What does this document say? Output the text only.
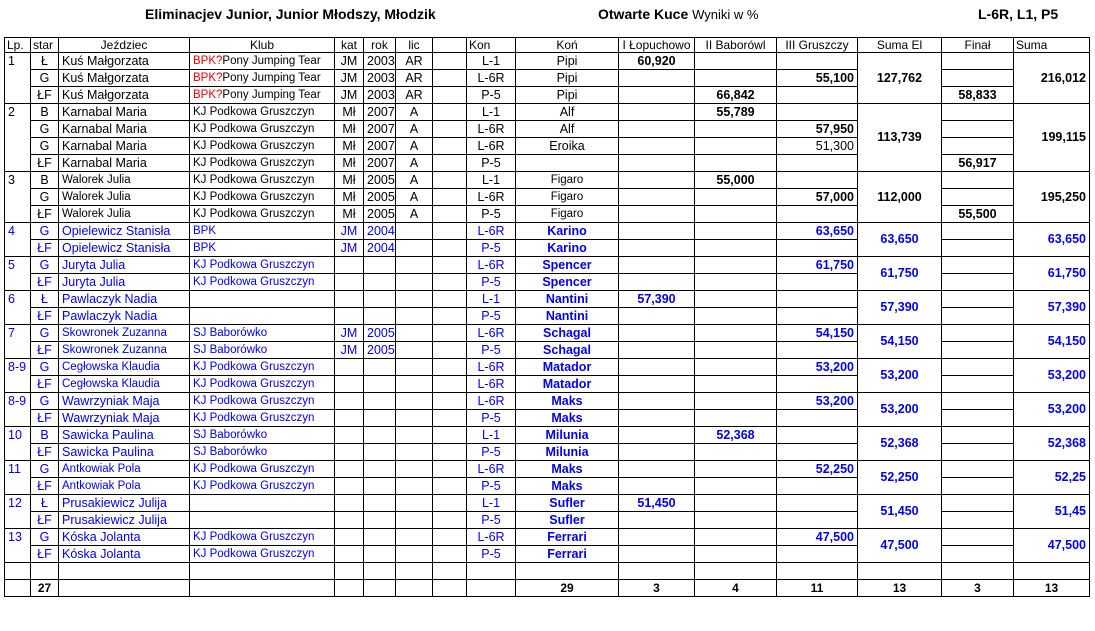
Eliminacjev Junior, Junior Młodszy, Młodzik	Otwarte Kuce Wyniki w %	L-6R, L1, P5
Lp.	star	Jeździec	Klub	kat	rok	lic		Kon	Koń	I Łopuchowo	II Baborówl	III Gruszczy	Suma El	Finał	Suma
1	Ł	Kuś Małgorzata	BPK?Pony Jumping Tear	JM	2003	AR		L-1	Pipi	60,920			127,762		216,012
	G	Kuś Małgorzata	BPK?Pony Jumping Tear	JM	2003	AR		L-6R	Pipi			55,100			
	ŁF	Kuś Małgorzata	BPK?Pony Jumping Tear	JM	2003	AR		P-5	Pipi		66,842			58,833	
2	B	Karnabal Maria	KJ Podkowa Gruszczyn	Mł	2007	A		L-1	Alf		55,789		113,739		199,115
	G	Karnabal Maria	KJ Podkowa Gruszczyn	Mł	2007	A		L-6R	Alf			57,950			
	G	Karnabal Maria	KJ Podkowa Gruszczyn	Mł	2007	A		L-6R	Eroika			51,300			
	ŁF	Karnabal Maria	KJ Podkowa Gruszczyn	Mł	2007	A		P-5						56,917	
3	B	Walorek Julia	KJ Podkowa Gruszczyn	Mł	2005	A		L-1	Figaro		55,000		112,000		195,250
	G	Walorek Julia	KJ Podkowa Gruszczyn	Mł	2005	A		L-6R	Figaro			57,000			
	ŁF	Walorek Julia	KJ Podkowa Gruszczyn	Mł	2005	A		P-5	Figaro					55,500	
4	G	Opielewicz Stanisła	BPK	JM	2004			L-6R	Karino			63,650	63,650		63,650
	ŁF	Opielewicz Stanisła	BPK	JM	2004			P-5	Karino						
5	G	Juryta Julia	KJ Podkowa Gruszczyn					L-6R	Spencer			61,750	61,750		61,750
	ŁF	Juryta Julia	KJ Podkowa Gruszczyn					P-5	Spencer						
6	Ł	Pawlaczyk Nadia						L-1	Nantini	57,390			57,390		57,390
	ŁF	Pawlaczyk Nadia						P-5	Nantini						
7	G	Skowronek Zuzanna	SJ Baborówko	JM	2005			L-6R	Schagal			54,150	54,150		54,150
	ŁF	Skowronek Zuzanna	SJ Baborówko	JM	2005			P-5	Schagal						
8-9	G	Cegłowska Klaudia	KJ Podkowa Gruszczyn					L-6R	Matador			53,200	53,200		53,200
	ŁF	Cegłowska Klaudia	KJ Podkowa Gruszczyn					L-6R	Matador						
8-9	G	Wawrzyniak Maja	KJ Podkowa Gruszczyn					L-6R	Maks			53,200	53,200		53,200
	ŁF	Wawrzyniak Maja	KJ Podkowa Gruszczyn					P-5	Maks						
10	B	Sawicka Paulina	SJ Baborówko					L-1	Milunia		52,368		52,368		52,368
	ŁF	Sawicka Paulina	SJ Baborówko					P-5	Milunia						
11	G	Antkowiak Pola	KJ Podkowa Gruszczyn					L-6R	Maks			52,250	52,250		52,25
	ŁF	Antkowiak Pola	KJ Podkowa Gruszczyn					P-5	Maks						
12	Ł	Prusakiewicz Julija						L-1	Sufler	51,450			51,450		51,45
	ŁF	Prusakiewicz Julija						P-5	Sufler						
13	G	Kóska Jolanta	KJ Podkowa Gruszczyn					L-6R	Ferrari			47,500	47,500		47,500
	ŁF	Kóska Jolanta	KJ Podkowa Gruszczyn					P-5	Ferrari						

	27								29	3	4	11	13	3	13
